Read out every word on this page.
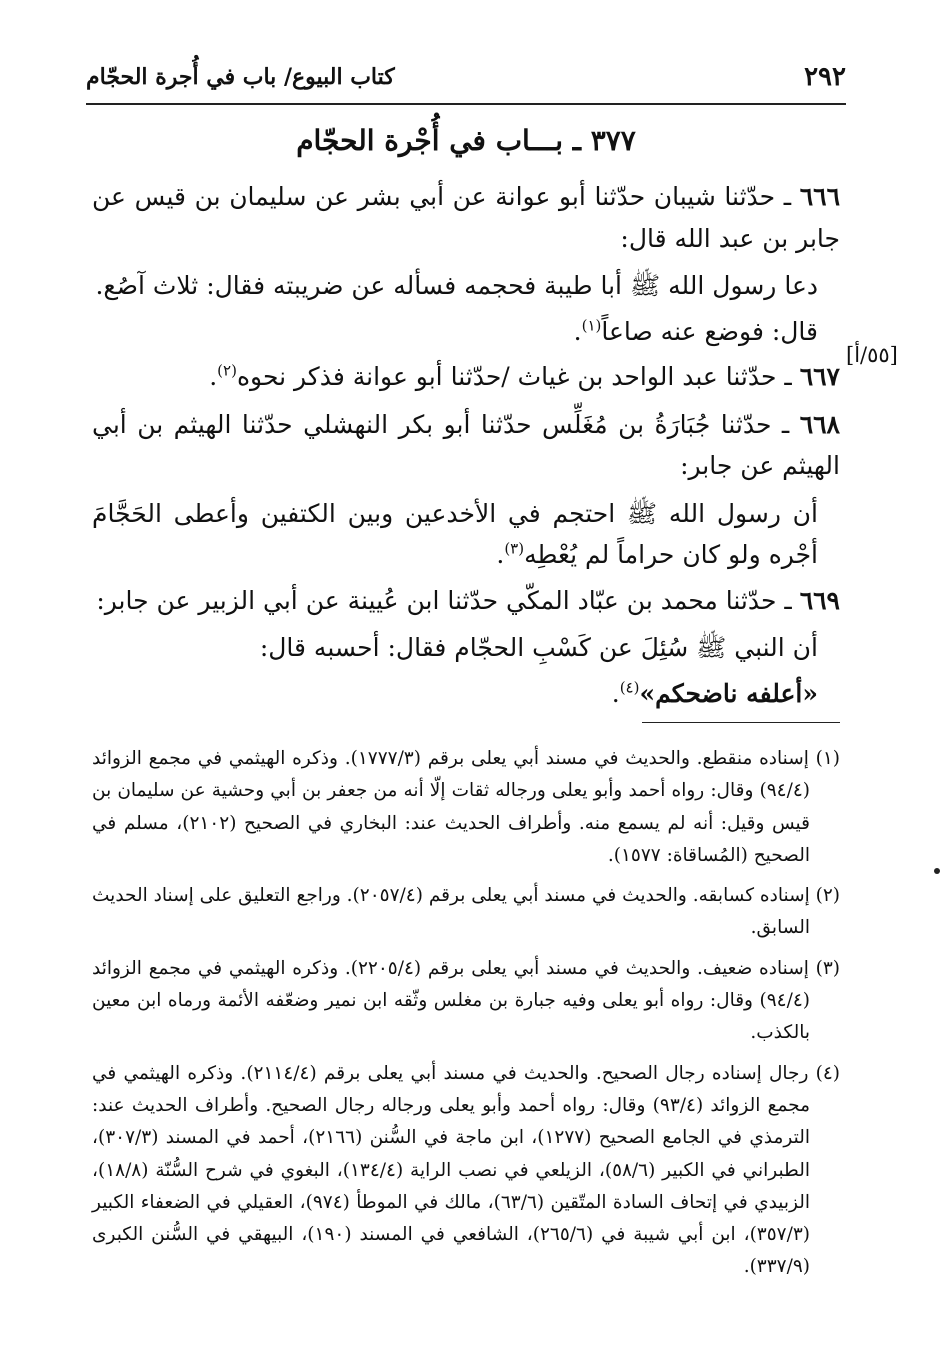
٢٩٢
كتاب البيوع/ باب في أُجرة الحجّام
٣٧٧ ـ بـــاب في أُجْرة الحجّام
[٥٥/أ]

٦٦٦ ـ حدّثنا شيبان حدّثنا أبو عوانة عن أبي بشر عن سليمان بن قيس عن جابر بن عبد الله قال:

دعا رسول الله ﷺ أبا طيبة فحجمه فسأله عن ضريبته فقال: ثلاث آصُع.

قال: فوضع عنه صاعاً$^{(١)}$.

٦٦٧ ـ حدّثنا عبد الواحد بن غياث /حدّثنا أبو عوانة فذكر نحوه$^{(٢)}$.

٦٦٨ ـ حدّثنا جُبَارَةُ بن مُغَلِّس حدّثنا أبو بكر النهشلي حدّثنا الهيثم بن أبي الهيثم عن جابر:

أن رسول الله ﷺ احتجم في الأخدعين وبين الكتفين وأعطى الحَجَّامَ أجْره ولو كان حراماً لم يُعْطِه$^{(٣)}$.

٦٦٩ ـ حدّثنا محمد بن عبّاد المكّي حدّثنا ابن عُيينة عن أبي الزبير عن جابر:

أن النبي ﷺ سُئِلَ عن كَسْبِ الحجّام فقال: أحسبه قال:

«أعلفه ناضحكم»$^{(٤)}$.

(١) إسناده منقطع. والحديث في مسند أبي يعلى برقم (١٧٧٧/٣). وذكره الهيثمي في مجمع الزوائد (٩٤/٤) وقال: رواه أحمد وأبو يعلى ورجاله ثقات إلّا أنه من جعفر بن أبي وحشية عن سليمان بن قيس وقيل: أنه لم يسمع منه. وأطراف الحديث عند: البخاري في الصحيح (٢١٠٢)، مسلم في الصحيح (المُساقاة: ١٥٧٧).

(٢) إسناده كسابقه. والحديث في مسند أبي يعلى برقم (٢٠٥٧/٤). وراجع التعليق على إسناد الحديث السابق.

(٣) إسناده ضعيف. والحديث في مسند أبي يعلى برقم (٢٢٠٥/٤). وذكره الهيثمي في مجمع الزوائد (٩٤/٤) وقال: رواه أبو يعلى وفيه جبارة بن مغلس وثّقه ابن نمير وضعّفه الأئمة ورماه ابن معين بالكذب.

(٤) رجال إسناده رجال الصحيح. والحديث في مسند أبي يعلى برقم (٢١١٤/٤). وذكره الهيثمي في مجمع الزوائد (٩٣/٤) وقال: رواه أحمد وأبو يعلى ورجاله رجال الصحيح. وأطراف الحديث عند: الترمذي في الجامع الصحيح (١٢٧٧)، ابن ماجة في السُّنن (٢١٦٦)، أحمد في المسند (٣٠٧/٣)، الطبراني في الكبير (٥٨/٦)، الزيلعي في نصب الراية (١٣٤/٤)، البغوي في شرح السُّنّة (١٨/٨)، الزبيدي في إتحاف السادة المتّقين (٦٣/٦)، مالك في الموطأ (٩٧٤)، العقيلي في الضعفاء الكبير (٣٥٧/٣)، ابن أبي شيبة في (٢٦٥/٦)، الشافعي في المسند (١٩٠)، البيهقي في السُّنن الكبرى (٣٣٧/٩).
